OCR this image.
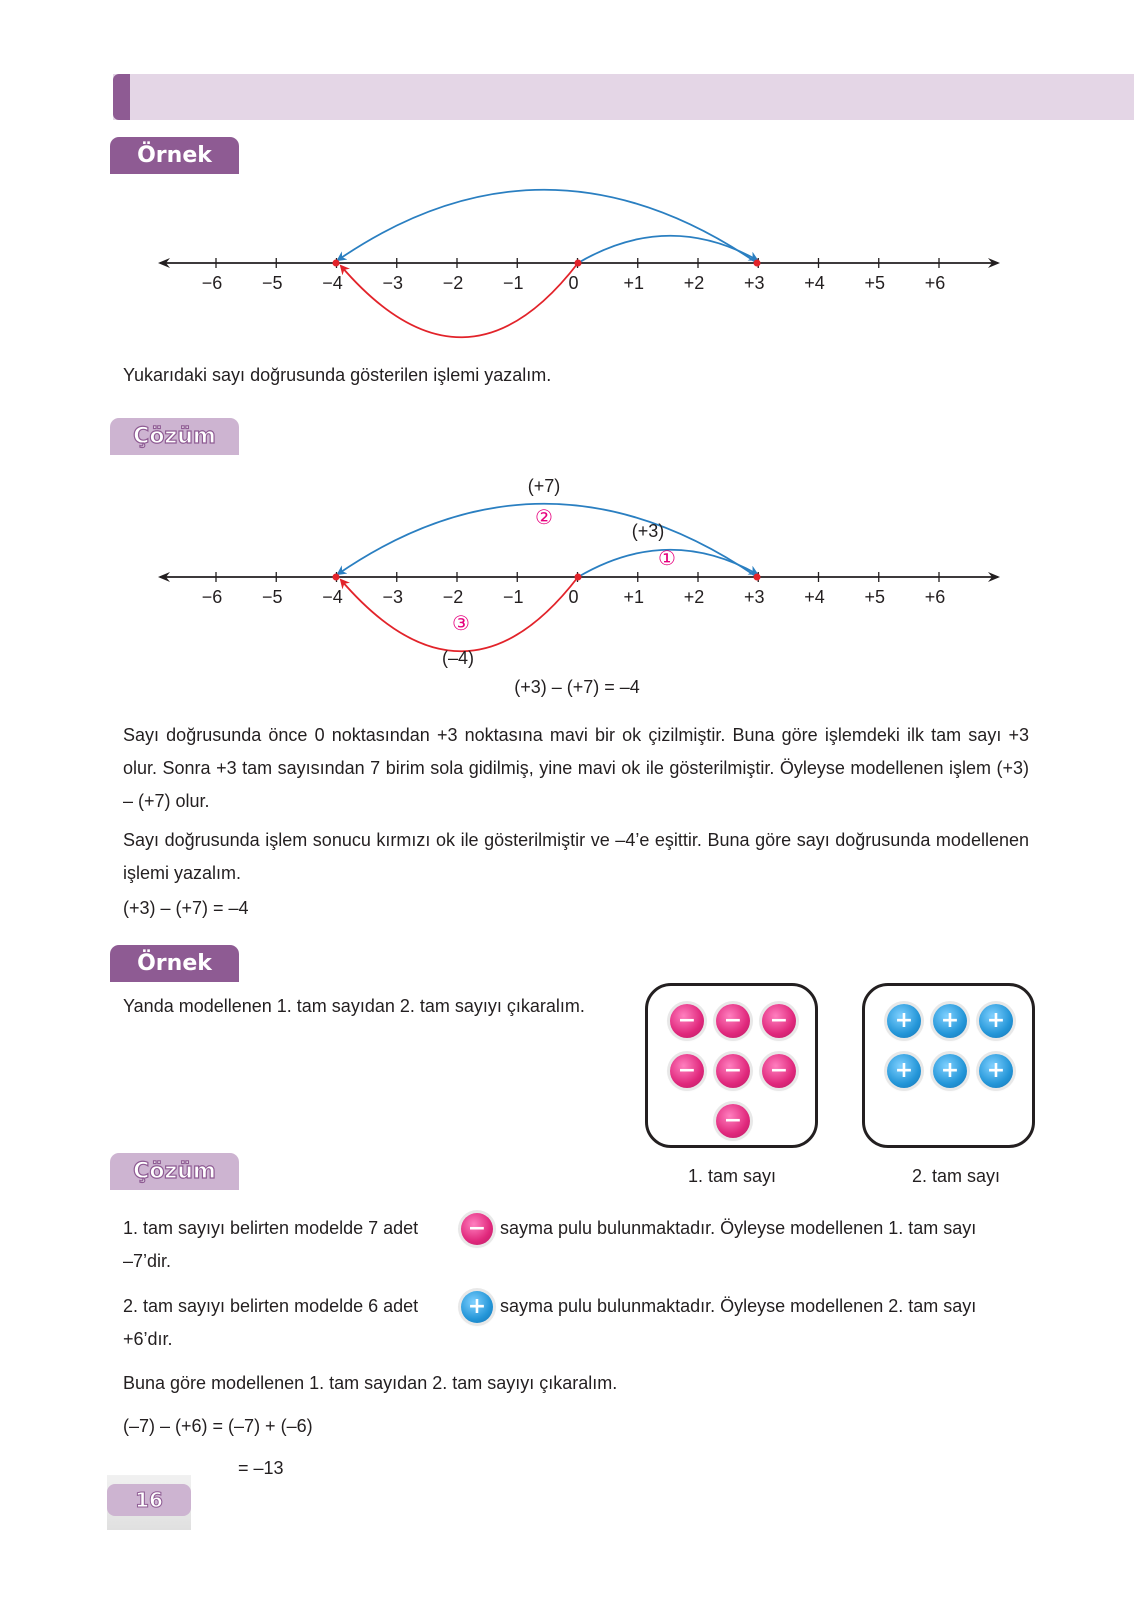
Örnek
−6 −5 −4 −3 −2 −1 0 +1 +2 +3 +4 +5 +6
Yukarıdaki sayı doğrusunda gösterilen işlemi yazalım.
Çözüm
−6 −5 −4 −3 −2 −1 0 +1 +2 +3 +4 +5 +6
(+7)
②
(+3)
①
③
(–4)
(+3) – (+7) = –4
Sayı doğrusunda önce 0 noktasından +3 noktasına mavi bir ok çizilmiştir. Buna göre işlemdeki ilk tam sayı +3 olur. Sonra +3 tam sayısından 7 birim sola gidilmiş, yine mavi ok ile gösterilmiştir. Öyleyse modellenen işlem (+3) – (+7) olur.
Sayı doğrusunda işlem sonucu kırmızı ok ile gösterilmiştir ve –4’e eşittir. Buna göre sayı doğrusunda modellenen işlemi yazalım.
(+3) – (+7) = –4
Örnek
Yanda modellenen 1. tam sayıdan 2. tam sayıyı çıkaralım.
− − −
− − −
−
+ + +
+ + +
1. tam sayı	2. tam sayı
Çözüm
1. tam sayıyı belirten modelde 7 adet − sayma pulu bulunmaktadır. Öyleyse modellenen 1. tam sayı
–7’dir.
2. tam sayıyı belirten modelde 6 adet + sayma pulu bulunmaktadır. Öyleyse modellenen 2. tam sayı
+6’dır.
Buna göre modellenen 1. tam sayıdan 2. tam sayıyı çıkaralım.
(–7) – (+6) = (–7) + (–6)
= –13
16
